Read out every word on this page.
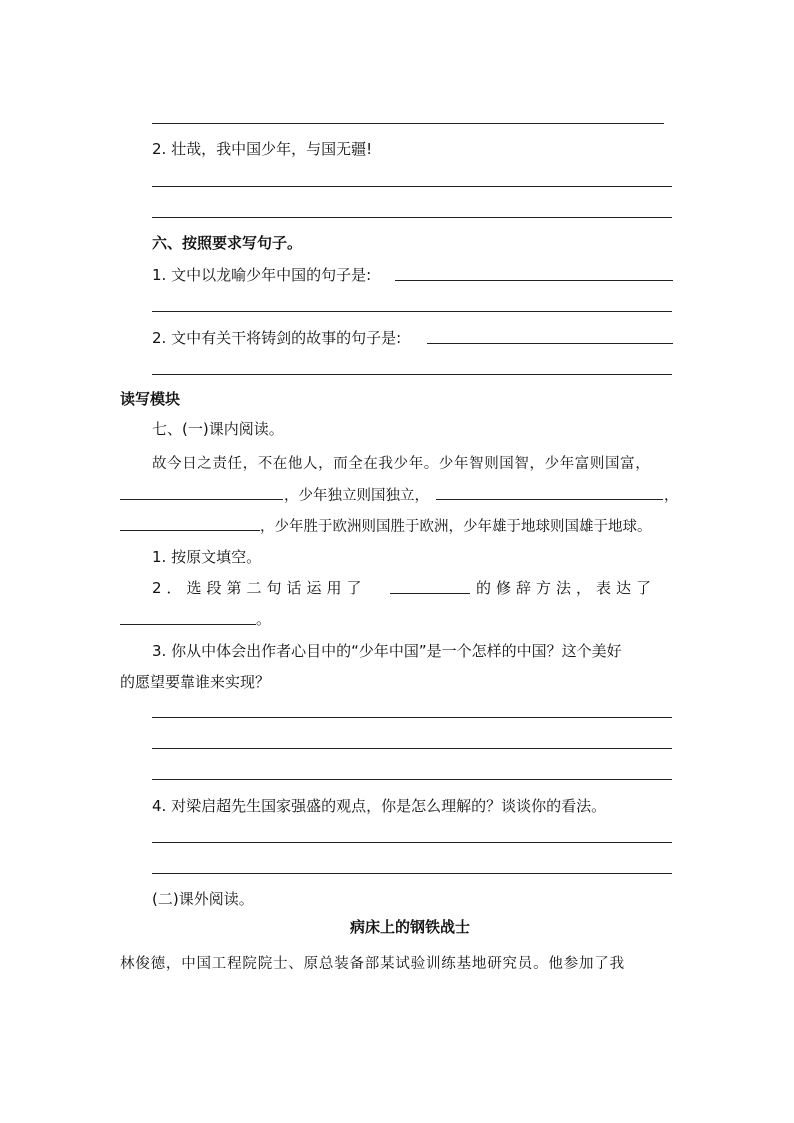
2. 壮哉，我中国少年，与国无疆!
六、按照要求写句子。
1. 文中以龙喻少年中国的句子是:
2. 文中有关干将铸剑的故事的句子是:
读写模块
七、(一)课内阅读。
故今日之责任，不在他人，而全在我少年。少年智则国智，少年富则国富，
，少年独立则国独立，	，
，少年胜于欧洲则国胜于欧洲，少年雄于地球则国雄于地球。
1. 按原文填空。
2．选段第二句话运用了	的修辞方法，表达了
。
3. 你从中体会出作者心目中的“少年中国”是一个怎样的中国？这个美好
的愿望要靠谁来实现？
4. 对梁启超先生国家强盛的观点，你是怎么理解的？谈谈你的看法。
(二)课外阅读。
病床上的钢铁战士
林俊德，中国工程院院士、原总装备部某试验训练基地研究员。他参加了我
